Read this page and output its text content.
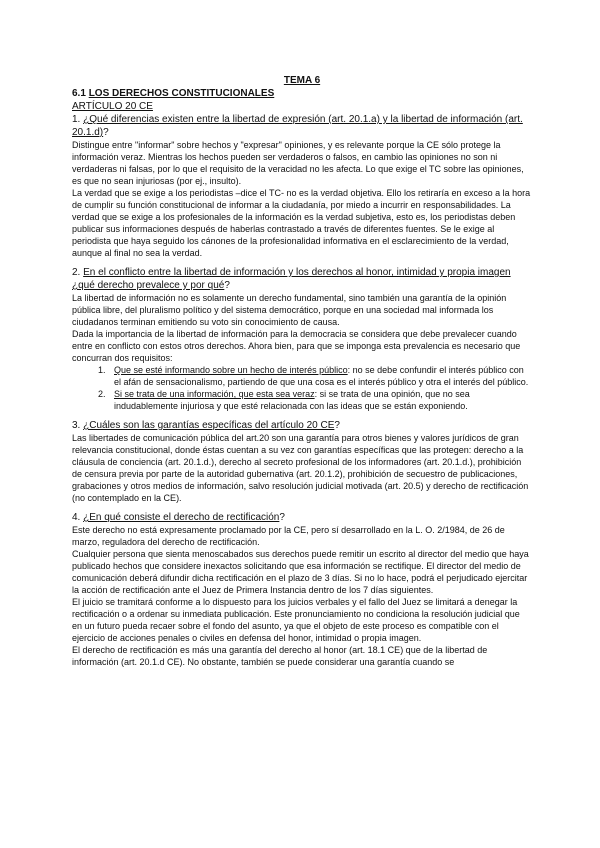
TEMA 6
6.1 LOS DERECHOS CONSTITUCIONALES
ARTÍCULO 20 CE
1. ¿Qué diferencias existen entre la libertad de expresión (art. 20.1.a) y la libertad de información (art. 20.1.d)?

Distingue entre "informar" sobre hechos y "expresar" opiniones, y es relevante porque la CE sólo protege la información veraz. Mientras los hechos pueden ser verdaderos o falsos, en cambio las opiniones no son ni verdaderas ni falsas, por lo que el requisito de la veracidad no les afecta. Lo que exige el TC sobre las opiniones, es que no sean injuriosas (por ej., insulto).

La verdad que se exige a los periodistas –dice el TC- no es la verdad objetiva. Ello los retiraría en exceso a la hora de cumplir su función constitucional de informar a la ciudadanía, por miedo a incurrir en responsabilidades. La verdad que se exige a los profesionales de la información es la verdad subjetiva, esto es, los periodistas deben publicar sus informaciones después de haberlas contrastado a través de diferentes fuentes. Se le exige al periodista que haya seguido los cánones de la profesionalidad informativa en el esclarecimiento de la verdad, aunque al final no sea la verdad.

2. En el conflicto entre la libertad de información y los derechos al honor, intimidad y propia imagen ¿qué derecho prevalece y por qué?

La libertad de información no es solamente un derecho fundamental, sino también una garantía de la opinión pública libre, del pluralismo político y del sistema democrático, porque en una sociedad mal informada los ciudadanos terminan emitiendo su voto sin conocimiento de causa.

Dada la importancia de la libertad de información para la democracia se considera que debe prevalecer cuando entre en conflicto con estos otros derechos. Ahora bien, para que se imponga esta prevalencia es necesario que concurran dos requisitos:

1. Que se esté informando sobre un hecho de interés público: no se debe confundir el interés público con el afán de sensacionalismo, partiendo de que una cosa es el interés público y otra el interés del público.
2. Si se trata de una información, que esta sea veraz: si se trata de una opinión, que no sea indudablemente injuriosa y que esté relacionada con las ideas que se están exponiendo.
3. ¿Cuáles son las garantías específicas del artículo 20 CE?

Las libertades de comunicación pública del art.20 son una garantía para otros bienes y valores jurídicos de gran relevancia constitucional, donde éstas cuentan a su vez con garantías específicas que las protegen: derecho a la cláusula de conciencia (art. 20.1.d.), derecho al secreto profesional de los informadores (art. 20.1.d.), prohibición de censura previa por parte de la autoridad gubernativa (art. 20.1.2), prohibición de secuestro de publicaciones, grabaciones y otros medios de información, salvo resolución judicial motivada (art. 20.5) y derecho de rectificación (no contemplado en la CE).

4. ¿En qué consiste el derecho de rectificación?

Este derecho no está expresamente proclamado por la CE, pero sí desarrollado en la L. O. 2/1984, de 26 de marzo, reguladora del derecho de rectificación.

Cualquier persona que sienta menoscabados sus derechos puede remitir un escrito al director del medio que haya publicado hechos que considere inexactos solicitando que esa información se rectifique. El director del medio de comunicación deberá difundir dicha rectificación en el plazo de 3 días. Si no lo hace, podrá el perjudicado ejercitar la acción de rectificación ante el Juez de Primera Instancia dentro de los 7 días siguientes.

El juicio se tramitará conforme a lo dispuesto para los juicios verbales y el fallo del Juez se limitará a denegar la rectificación o a ordenar su inmediata publicación. Este pronunciamiento no condiciona la resolución judicial que en un futuro pueda recaer sobre el fondo del asunto, ya que el objeto de este proceso es compatible con el ejercicio de acciones penales o civiles en defensa del honor, intimidad o propia imagen.

El derecho de rectificación es más una garantía del derecho al honor (art. 18.1 CE) que de la libertad de información (art. 20.1.d CE). No obstante, también se puede considerar una garantía cuando se
